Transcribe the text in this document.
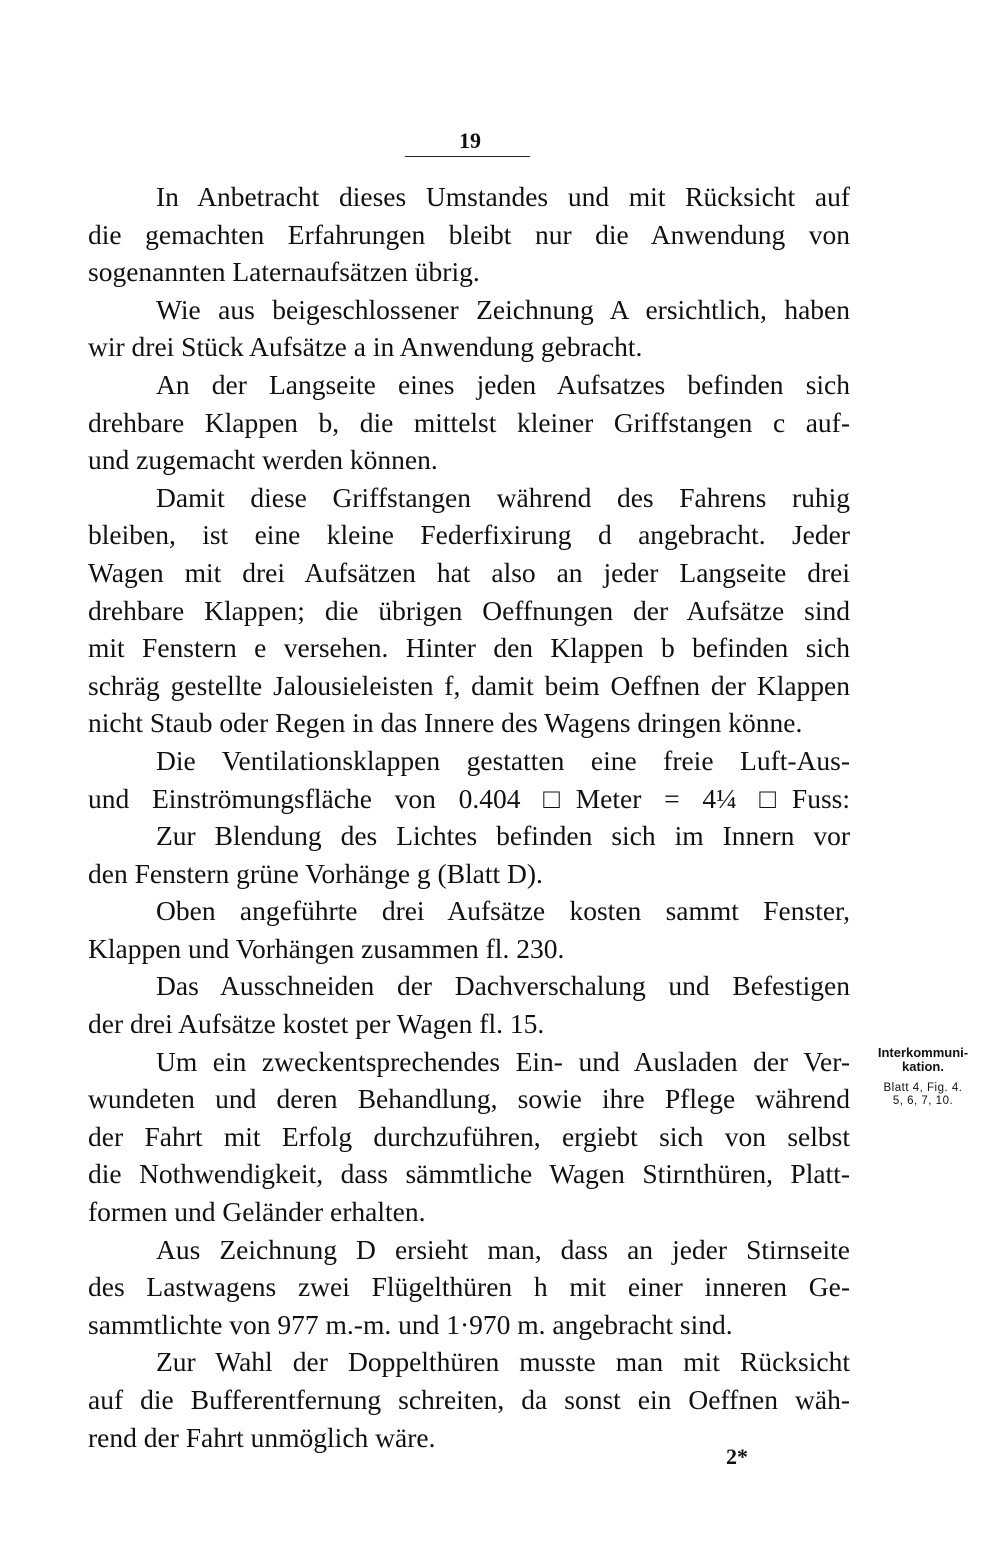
19
In Anbetracht dieses Umstandes und mit Rücksicht auf
die gemachten Erfahrungen bleibt nur die Anwendung von
sogenannten Laternaufsätzen übrig.
Wie aus beigeschlossener Zeichnung A ersichtlich, haben
wir drei Stück Aufsätze a in Anwendung gebracht.
An der Langseite eines jeden Aufsatzes befinden sich
drehbare Klappen b, die mittelst kleiner Griffstangen c auf-
und zugemacht werden können.
Damit diese Griffstangen während des Fahrens ruhig
bleiben, ist eine kleine Federfixirung d angebracht. Jeder
Wagen mit drei Aufsätzen hat also an jeder Langseite drei
drehbare Klappen; die übrigen Oeffnungen der Aufsätze sind
mit Fenstern e versehen. Hinter den Klappen b befinden sich
schräg gestellte Jalousieleisten f, damit beim Oeffnen der Klappen
nicht Staub oder Regen in das Innere des Wagens dringen könne.
Die Ventilationsklappen gestatten eine freie Luft-Aus-
und Einströmungsfläche von 0.404 □Meter = 4¼ □Fuss:
Zur Blendung des Lichtes befinden sich im Innern vor
den Fenstern grüne Vorhänge g (Blatt D).
Oben angeführte drei Aufsätze kosten sammt Fenster,
Klappen und Vorhängen zusammen fl. 230.
Das Ausschneiden der Dachverschalung und Befestigen
der drei Aufsätze kostet per Wagen fl. 15.
Um ein zweckentsprechendes Ein- und Ausladen der Ver-
wundeten und deren Behandlung, sowie ihre Pflege während
der Fahrt mit Erfolg durchzuführen, ergiebt sich von selbst
die Nothwendigkeit, dass sämmtliche Wagen Stirnthüren, Platt-
formen und Geländer erhalten.
Aus Zeichnung D ersieht man, dass an jeder Stirnseite
des Lastwagens zwei Flügelthüren h mit einer inneren Ge-
sammtlichte von 977 m.-m. und 1·970 m. angebracht sind.
Zur Wahl der Doppelthüren musste man mit Rücksicht
auf die Bufferentfernung schreiten, da sonst ein Oeffnen wäh-
rend der Fahrt unmöglich wäre.
Interkommuni-
kation.
Blatt 4, Fig. 4.
5, 6, 7, 10.
2*
